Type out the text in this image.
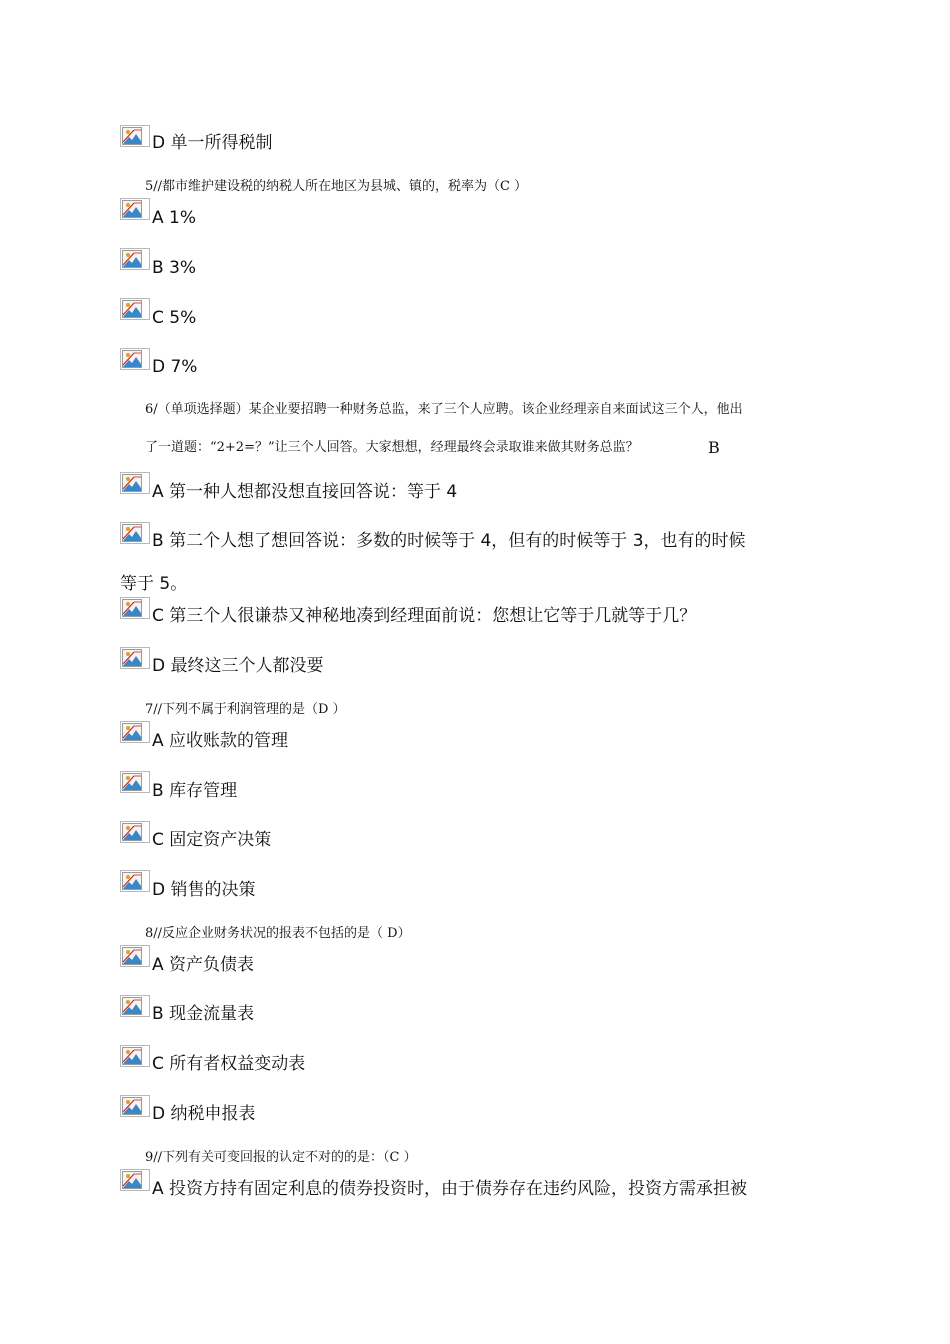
D 单一所得税制
5//都市维护建设税的纳税人所在地区为县城、镇的，税率为（C ）
A 1%
B 3%
C 5%
D 7%
6/（单项选择题）某企业要招聘一种财务总监，来了三个人应聘。该企业经理亲自来面试这三个人，他出
了一道题：“2+2=？”让三个人回答。大家想想，经理最终会录取谁来做其财务总监？	B
A 第一种人想都没想直接回答说：等于 4
B 第二个人想了想回答说：多数的时候等于 4，但有的时候等于 3，也有的时候
等于 5。
C 第三个人很谦恭又神秘地凑到经理面前说：您想让它等于几就等于几？
D 最终这三个人都没要
7//下列不属于利润管理的是（D ）
A 应收账款的管理
B 库存管理
C 固定资产决策
D 销售的决策
8//反应企业财务状况的报表不包括的是（ D）
A 资产负债表
B 现金流量表
C 所有者权益变动表
D 纳税申报表
9//下列有关可变回报的认定不对的的是：（C ）
A 投资方持有固定利息的债券投资时，由于债券存在违约风险，投资方需承担被
